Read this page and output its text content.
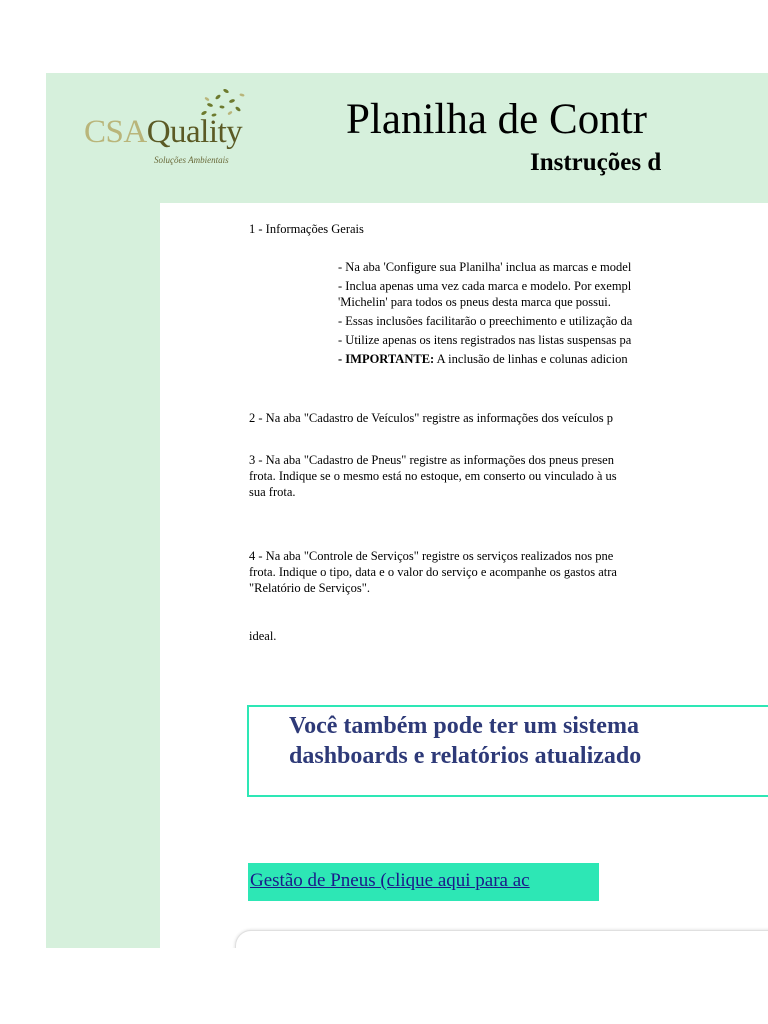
CSAQuality
Soluções Ambientais
Planilha de Contr
Instruções d
1 - Informações Gerais
- Na aba 'Configure sua Planilha' inclua as marcas e model
- Inclua apenas uma vez cada marca e modelo. Por exempl
'Michelin' para todos os pneus desta marca que possui.
- Essas inclusões facilitarão o preechimento e utilização da
- Utilize apenas os itens registrados nas listas suspensas pa
- IMPORTANTE: A inclusão de linhas e colunas adicion
2 - Na aba "Cadastro de Veículos" registre as informações dos veículos p
3 - Na aba "Cadastro de Pneus" registre as informações dos pneus presen
frota. Indique se o mesmo está no estoque, em conserto ou vinculado à us
sua frota.
4 - Na aba "Controle de Serviços" registre os serviços realizados nos pne
frota. Indique o tipo, data e o valor do serviço e acompanhe os gastos atra
"Relatório de Serviços".
ideal.
Você também pode ter um sistema
dashboards e relatórios atualizado
Gestão de Pneus (clique aqui para ac
